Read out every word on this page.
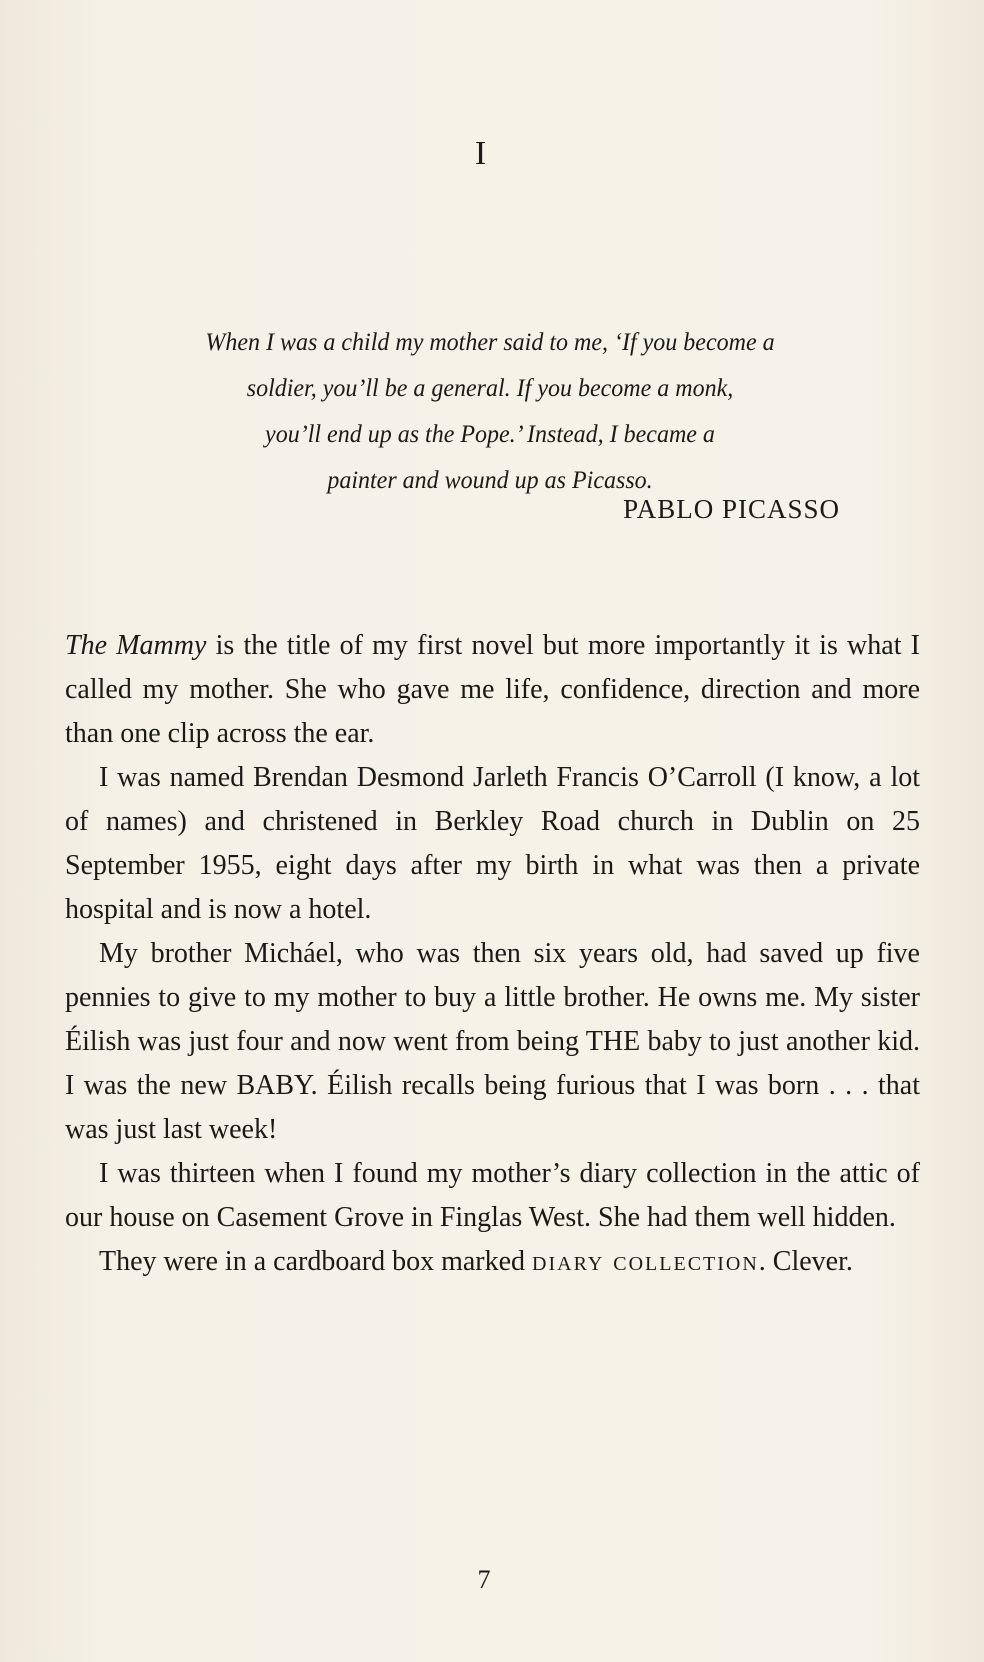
I
When I was a child my mother said to me, ‘If you become a
soldier, you’ll be a general. If you become a monk,
you’ll end up as the Pope.’ Instead, I became a
painter and wound up as Picasso.
PABLO PICASSO

The Mammy is the title of my first novel but more importantly it is what I called my mother. She who gave me life, confidence, direction and more than one clip across the ear.

I was named Brendan Desmond Jarleth Francis O’Carroll (I know, a lot of names) and christened in Berkley Road church in Dublin on 25 September 1955, eight days after my birth in what was then a private hospital and is now a hotel.

My brother Micháel, who was then six years old, had saved up five pennies to give to my mother to buy a little brother. He owns me. My sister Éilish was just four and now went from being THE baby to just another kid. I was the new BABY. Éilish recalls being furious that I was born . . . that was just last week!

I was thirteen when I found my mother’s diary collection in the attic of our house on Casement Grove in Finglas West. She had them well hidden.

They were in a cardboard box marked diary collection. Clever.

7
